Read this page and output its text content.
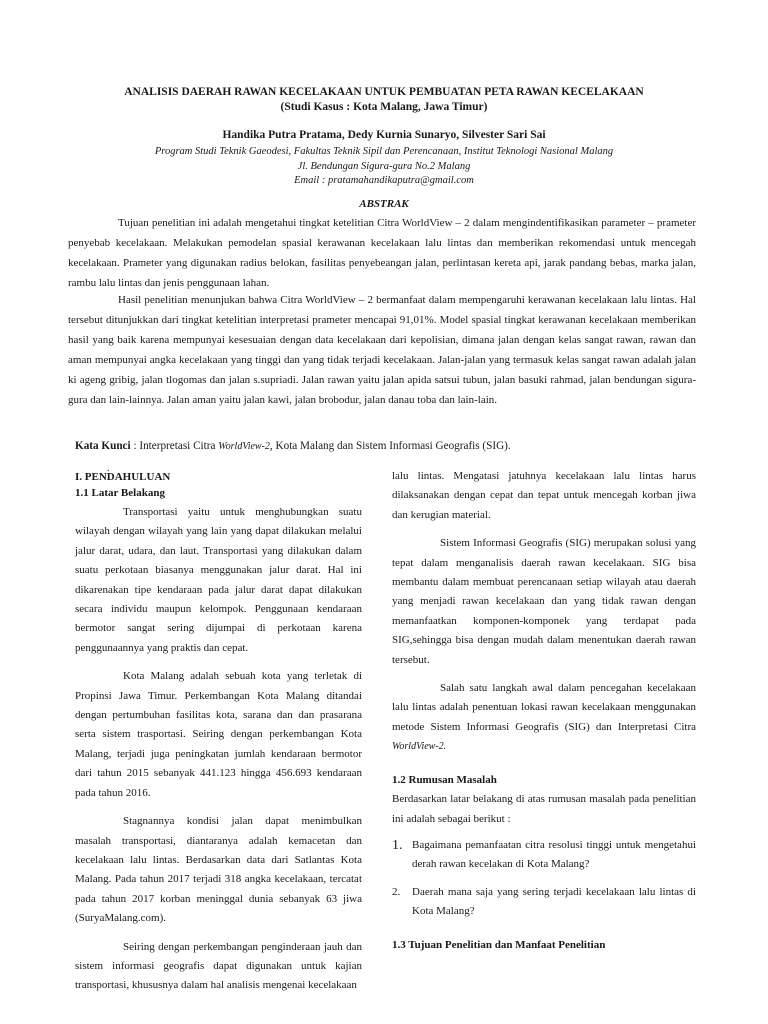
ANALISIS DAERAH RAWAN KECELAKAAN UNTUK PEMBUATAN PETA RAWAN KECELAKAAN
(Studi Kasus : Kota Malang, Jawa Timur)
Handika Putra Pratama, Dedy Kurnia Sunaryo, Silvester Sari Sai
Program Studi Teknik Gaeodesi, Fakultas Teknik Sipil dan Perencanaan, Institut Teknologi Nasional Malang
Jl. Bendungan Sigura-gura No.2 Malang
Email : pratamahandikaputra@gmail.com
ABSTRAK

Tujuan penelitian ini adalah mengetahui tingkat ketelitian Citra WorldView – 2 dalam mengindentifikasikan parameter – prameter penyebab kecelakaan. Melakukan pemodelan spasial kerawanan kecelakaan lalu lintas dan memberikan rekomendasi untuk mencegah kecelakaan. Prameter yang digunakan radius belokan, fasilitas penyebeangan jalan, perlintasan kereta api, jarak pandang bebas, marka jalan, rambu lalu lintas dan jenis penggunaan lahan.

Hasil penelitian menunjukan bahwa Citra WorldView – 2 bermanfaat dalam mempengaruhi kerawanan kecelakaan lalu lintas. Hal tersebut ditunjukkan dari tingkat ketelitian interpretasi prameter mencapai 91,01%. Model spasial tingkat kerawanan kecelakaan memberikan hasil yang baik karena mempunyai kesesuaian dengan data kecelakaan dari kepolisian, dimana jalan dengan kelas sangat rawan, rawan dan aman mempunyai angka kecelakaan yang tinggi dan yang tidak terjadi kecelakaan. Jalan-jalan yang termasuk kelas sangat rawan adalah jalan ki ageng gribig, jalan tlogomas dan jalan s.supriadi. Jalan rawan yaitu jalan apida satsui tubun, jalan basuki rahmad, jalan bendungan sigura-gura dan lain-lainnya. Jalan aman yaitu jalan kawi, jalan brobodur, jalan danau toba dan lain-lain.

Kata Kunci : Interpretasi Citra WorldView-2, Kota Malang dan Sistem Informasi Geografis (SIG).
.

I. PENDAHULUAN

1.1 Latar Belakang

Transportasi yaitu untuk menghubungkan suatu wilayah dengan wilayah yang lain yang dapat dilakukan melalui jalur darat, udara, dan laut. Transportasi yang dilakukan dalam suatu perkotaan biasanya menggunakan jalur darat. Hal ini dikarenakan tipe kendaraan pada jalur darat dapat dilakukan secara individu maupun kelompok. Penggunaan kendaraan bermotor sangat sering dijumpai di perkotaan karena penggunaannya yang praktis dan cepat.

Kota Malang adalah sebuah kota yang terletak di Propinsi Jawa Timur. Perkembangan Kota Malang ditandai dengan pertumbuhan fasilitas kota, sarana dan dan prasarana serta sistem trasportasi. Seiring dengan perkembangan Kota Malang, terjadi juga peningkatan jumlah kendaraan bermotor dari tahun 2015 sebanyak 441.123 hingga 456.693 kendaraan pada tahun 2016.

Stagnannya kondisi jalan dapat menimbulkan masalah transportasi, diantaranya adalah kemacetan dan kecelakaan lalu lintas. Berdasarkan data dari Satlantas Kota Malang. Pada tahun 2017 terjadi 318 angka kecelakaan, tercatat pada tahun 2017 korban meninggal dunia sebanyak 63 jiwa (SuryaMalang.com).

Seiring dengan perkembangan penginderaan jauh dan sistem informasi geografis dapat digunakan untuk kajian transportasi, khususnya dalam hal analisis mengenai kecelakaan

lalu lintas. Mengatasi jatuhnya kecelakaan lalu lintas harus dilaksanakan dengan cepat dan tepat untuk mencegah korban jiwa dan kerugian material.

Sistem Informasi Geografis (SIG) merupakan solusi yang tepat dalam menganalisis daerah rawan kecelakaan. SIG bisa membantu dalam membuat perencanaan setiap wilayah atau daerah yang menjadi rawan kecelakaan dan yang tidak rawan dengan memanfaatkan komponen-komponek yang terdapat pada SIG,sehingga bisa dengan mudah dalam menentukan daerah rawan tersebut.

Salah satu langkah awal dalam pencegahan kecelakaan lalu lintas adalah penentuan lokasi rawan kecelakaan menggunakan metode Sistem Informasi Geografis (SIG) dan Interpretasi Citra WorldView-2.

1.2 Rumusan Masalah

Berdasarkan latar belakang di atas rumusan masalah pada penelitian ini adalah sebagai berikut :

1. Bagaimana pemanfaatan citra resolusi tinggi untuk mengetahui derah rawan kecelakan di Kota Malang?

2. Daerah mana saja yang sering terjadi kecelakaan lalu lintas di Kota Malang?

1.3 Tujuan Penelitian dan Manfaat Penelitian
